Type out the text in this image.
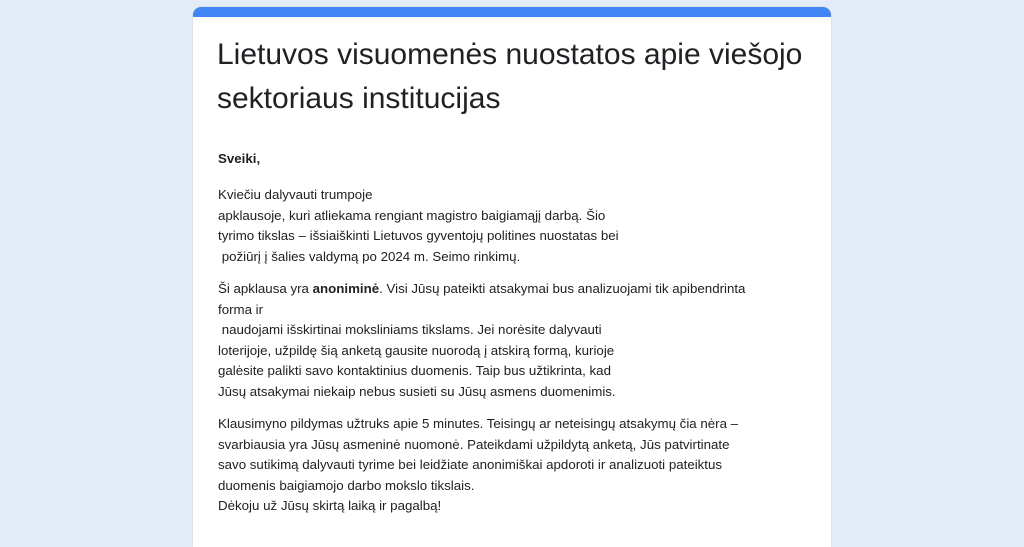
Lietuvos visuomenės nuostatos apie viešojo sektoriaus institucijas

Sveiki,

Kviečiu dalyvauti trumpoje
apklausoje, kuri atliekama rengiant magistro baigiamąjį darbą. Šio
tyrimo tikslas – išsiaiškinti Lietuvos gyventojų politines nuostatas bei
požiūrį į šalies valdymą po 2024 m. Seimo rinkimų.

Ši apklausa yra anoniminė. Visi Jūsų pateikti atsakymai bus analizuojami tik apibendrinta
forma ir
naudojami išskirtinai moksliniams tikslams. Jei norėsite dalyvauti
loterijoje, užpildę šią anketą gausite nuorodą į atskirą formą, kurioje
galėsite palikti savo kontaktinius duomenis. Taip bus užtikrinta, kad
Jūsų atsakymai niekaip nebus susieti su Jūsų asmens duomenimis.

Klausimyno pildymas užtruks apie 5 minutes. Teisingų ar neteisingų atsakymų čia nėra –
svarbiausia yra Jūsų asmeninė nuomonė. Pateikdami užpildytą anketą, Jūs patvirtinate
savo sutikimą dalyvauti tyrime bei leidžiate anonimiškai apdoroti ir analizuoti pateiktus
duomenis baigiamojo darbo mokslo tikslais.
Dėkoju už Jūsų skirtą laiką ir pagalbą!
